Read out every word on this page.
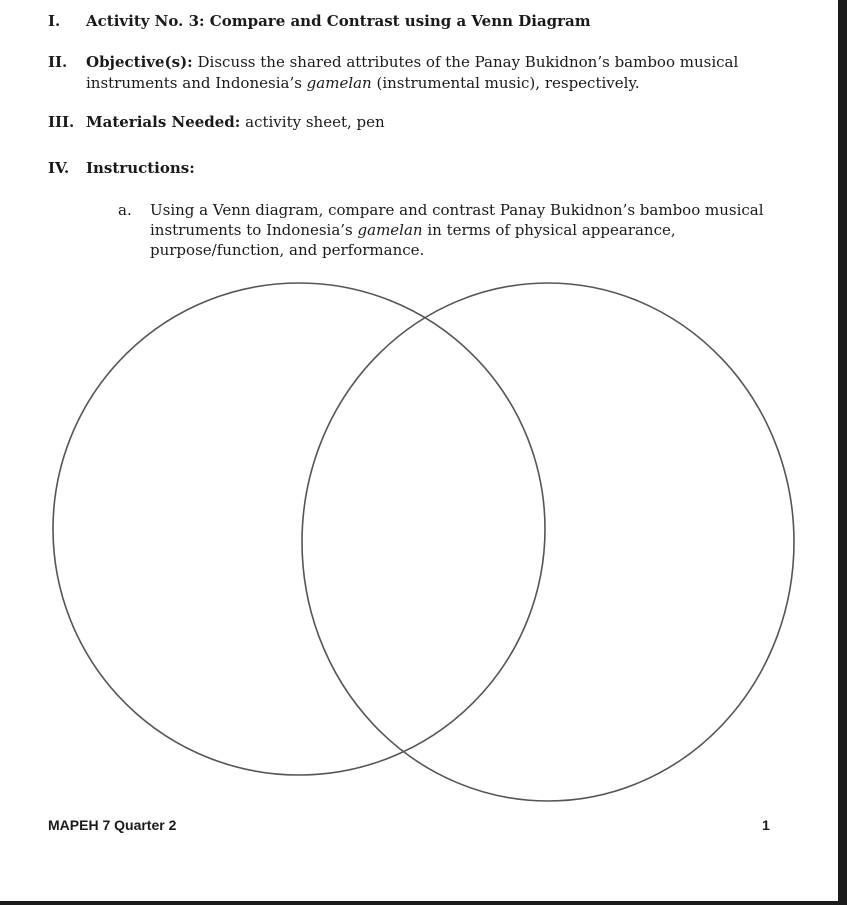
I. Activity No. 3: Compare and Contrast using a Venn Diagram
II. Objective(s): Discuss the shared attributes of the Panay Bukidnon’s bamboo musical
instruments and Indonesia’s gamelan (instrumental music), respectively.
III. Materials Needed: activity sheet, pen
IV. Instructions:
a. Using a Venn diagram, compare and contrast Panay Bukidnon’s bamboo musical
instruments to Indonesia’s gamelan in terms of physical appearance,
purpose/function, and performance.
MAPEH 7 Quarter 2	1
